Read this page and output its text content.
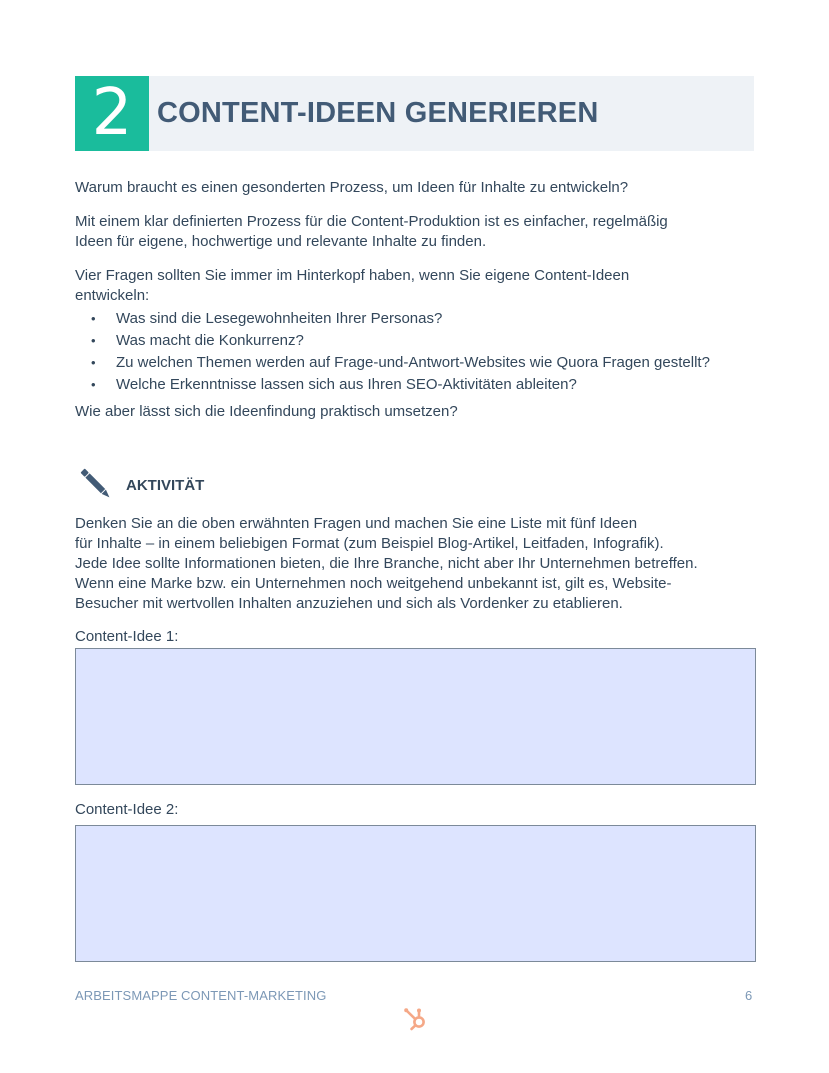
2 CONTENT-IDEEN GENERIEREN

Warum braucht es einen gesonderten Prozess, um Ideen für Inhalte zu entwickeln?

Mit einem klar definierten Prozess für die Content-Produktion ist es einfacher, regelmäßig
Ideen für eigene, hochwertige und relevante Inhalte zu finden.
Vier Fragen sollten Sie immer im Hinterkopf haben, wenn Sie eigene Content-Ideen
entwickeln:
• Was sind die Lesegewohnheiten Ihrer Personas?
• Was macht die Konkurrenz?
• Zu welchen Themen werden auf Frage-und-Antwort-Websites wie Quora Fragen gestellt?
• Welche Erkenntnisse lassen sich aus Ihren SEO-Aktivitäten ableiten?

Wie aber lässt sich die Ideenfindung praktisch umsetzen?

AKTIVITÄT
Denken Sie an die oben erwähnten Fragen und machen Sie eine Liste mit fünf Ideen
für Inhalte – in einem beliebigen Format (zum Beispiel Blog-Artikel, Leitfaden, Infografik).
Jede Idee sollte Informationen bieten, die Ihre Branche, nicht aber Ihr Unternehmen betreffen.
Wenn eine Marke bzw. ein Unternehmen noch weitgehend unbekannt ist, gilt es, Website-
Besucher mit wertvollen Inhalten anzuziehen und sich als Vordenker zu etablieren.
Content-Idee 1:
Content-Idee 2:
ARBEITSMAPPE CONTENT-MARKETING	6
